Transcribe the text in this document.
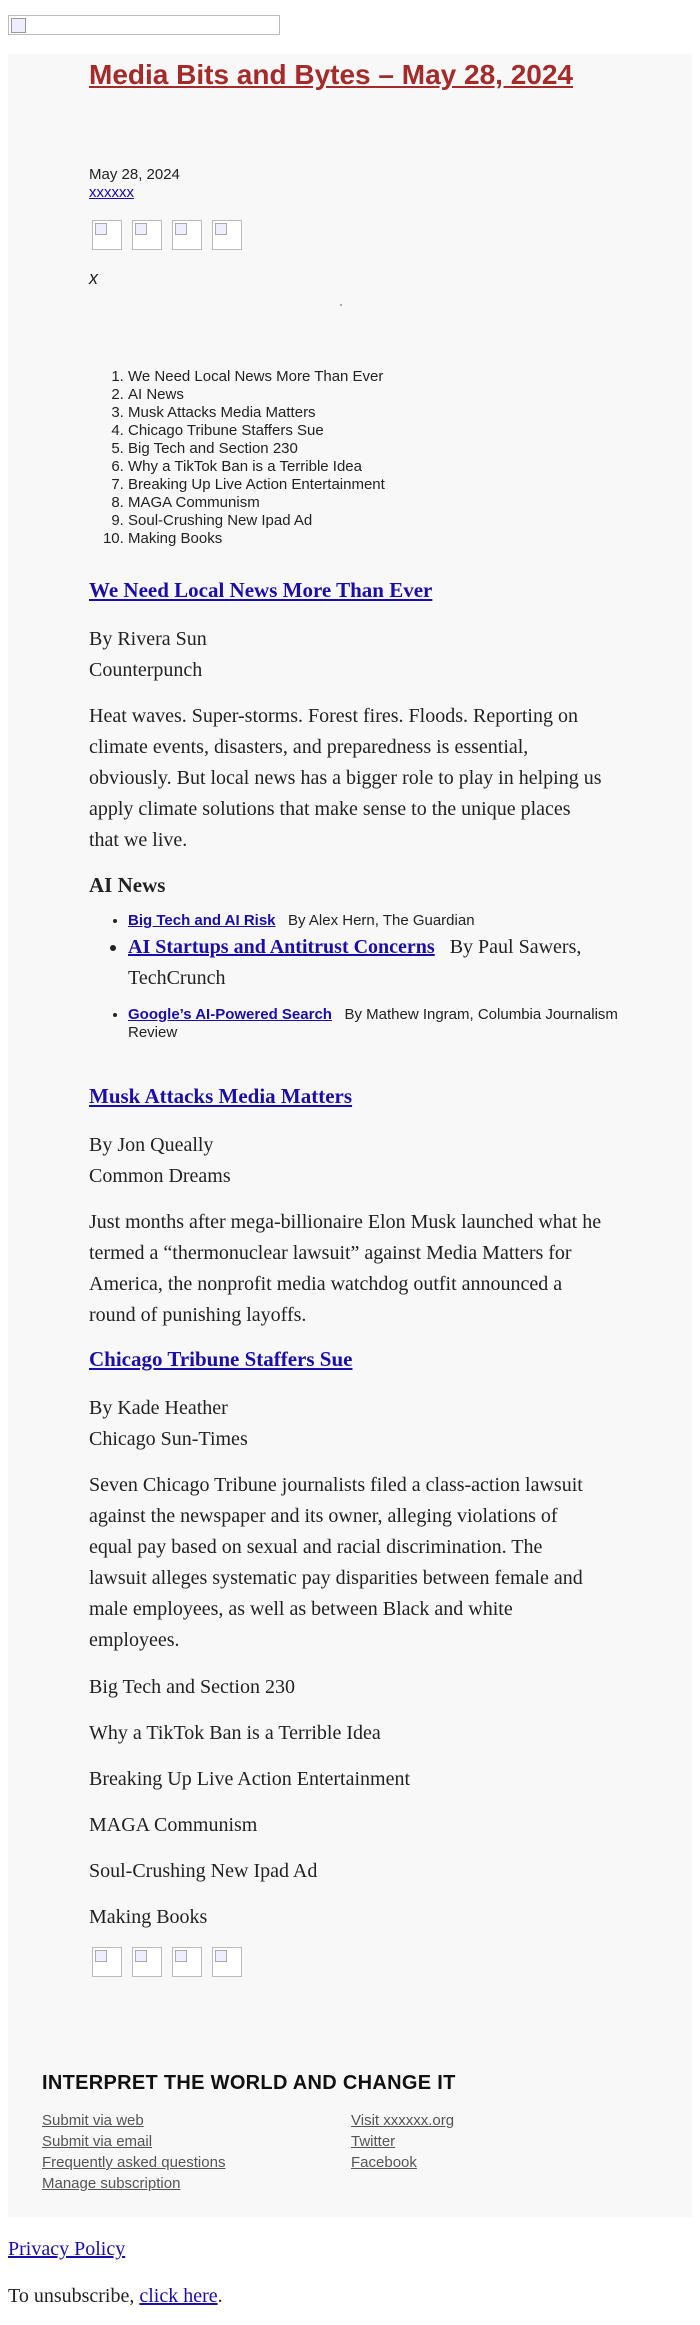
Media Bits and Bytes – May 28, 2024
May 28, 2024
xxxxxx
x
1. We Need Local News More Than Ever
2. AI News
3. Musk Attacks Media Matters
4. Chicago Tribune Staffers Sue
5. Big Tech and Section 230
6. Why a TikTok Ban is a Terrible Idea
7. Breaking Up Live Action Entertainment
8. MAGA Communism
9. Soul-Crushing New Ipad Ad
10. Making Books
We Need Local News More Than Ever

By Rivera Sun

Counterpunch

Heat waves. Super-storms. Forest fires. Floods. Reporting on climate events, disasters, and preparedness is essential, obviously. But local news has a bigger role to play in helping us apply climate solutions that make sense to the unique places that we live.

AI News
• Big Tech and AI Risk By Alex Hern, The Guardian
• AI Startups and Antitrust Concerns By Paul Sawers, TechCrunch
• Google’s AI-Powered Search By Mathew Ingram, Columbia Journalism Review
Musk Attacks Media Matters

By Jon Queally

Common Dreams

Just months after mega-billionaire Elon Musk launched what he termed a “thermonuclear lawsuit” against Media Matters for America, the nonprofit media watchdog outfit announced a round of punishing layoffs.

Chicago Tribune Staffers Sue

By Kade Heather

Chicago Sun-Times

Seven Chicago Tribune journalists filed a class-action lawsuit against the newspaper and its owner, alleging violations of equal pay based on sexual and racial discrimination. The lawsuit alleges systematic pay disparities between female and male employees, as well as between Black and white employees.

Big Tech and Section 230

Why a TikTok Ban is a Terrible Idea

Breaking Up Live Action Entertainment

MAGA Communism

Soul-Crushing New Ipad Ad

Making Books

INTERPRET THE WORLD AND CHANGE IT
Submit via web
Submit via email
Frequently asked questions
Manage subscription
Visit xxxxxx.org
Twitter
Facebook
Privacy Policy
To unsubscribe, click here.
